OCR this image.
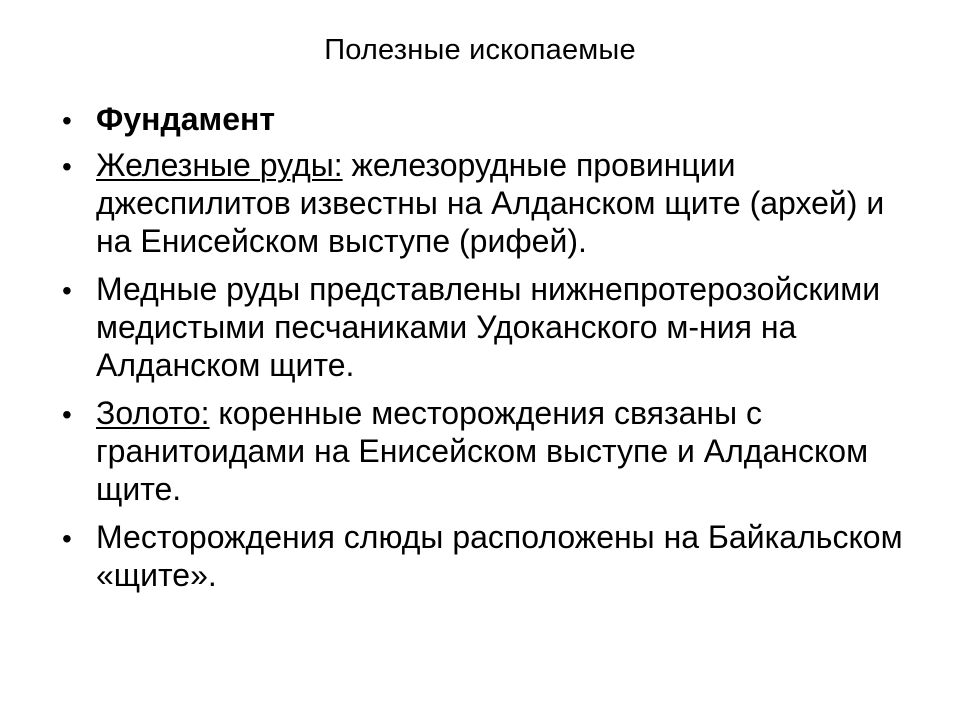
Полезные ископаемые
• Фундамент
• Железные руды: железорудные провинции джеспилитов известны на Алданском щите (архей) и на Енисейском выступе (рифей).
• Медные руды представлены нижнепротерозойскими медистыми песчаниками Удоканского м-ния на Алданском щите.
• Золото: коренные месторождения связаны с гранитоидами на Енисейском выступе и Алданском щите.
• Месторождения слюды расположены на Байкальском «щите».
